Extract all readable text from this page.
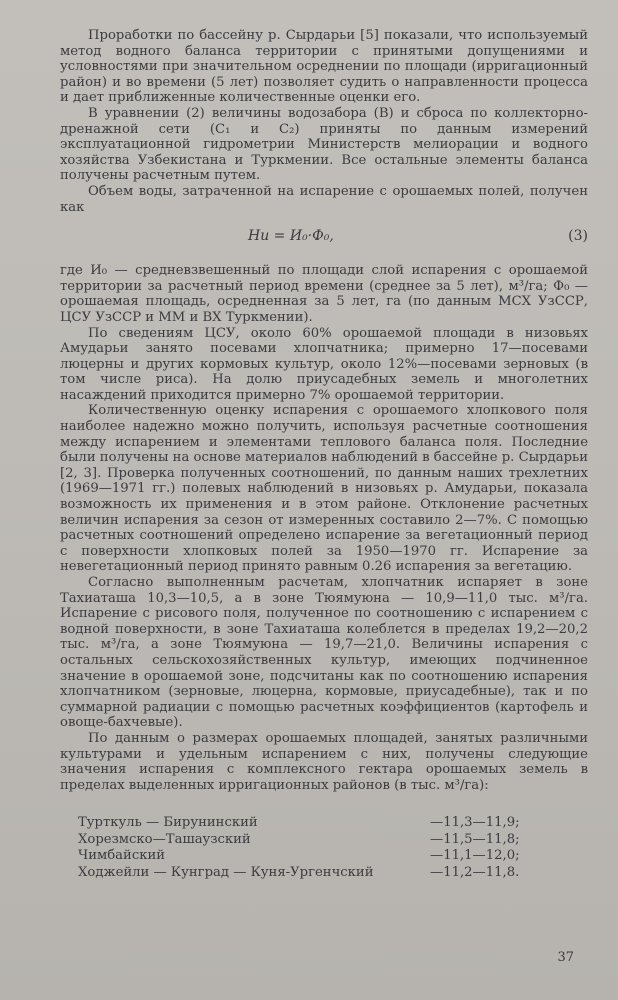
Проработки по бассейну р. Сырдарьи [5] показали, что используемый метод водного баланса территории с принятыми допущениями и условностями при значительном осреднении по площади (ирригационный район) и во времени (5 лет) позволяет судить о направленности процесса и дает приближенные количественные оценки его.

В уравнении (2) величины водозабора (B) и сброса по коллекторно-дренажной сети (C₁ и C₂) приняты по данным измерений эксплуатационной гидрометрии Министерств мелиорации и водного хозяйства Узбекистана и Туркмении. Все остальные элементы баланса получены расчетным путем.

Объем воды, затраченной на испарение с орошаемых полей, получен как

Hи = И₀·Ф₀,	(3)

где И₀ — средневзвешенный по площади слой испарения с орошаемой территории за расчетный период времени (среднее за 5 лет), м³/га; Ф₀ — орошаемая площадь, осредненная за 5 лет, га (по данным МСХ УзССР, ЦСУ УзССР и ММ и ВХ Туркмении).

По сведениям ЦСУ, около 60% орошаемой площади в низовьях Амударьи занято посевами хлопчатника; примерно 17—посевами люцерны и других кормовых культур, около 12%—посевами зерновых (в том числе риса). На долю приусадебных земель и многолетних насаждений приходится примерно 7% орошаемой территории.

Количественную оценку испарения с орошаемого хлопкового поля наиболее надежно можно получить, используя расчетные соотношения между испарением и элементами теплового баланса поля. Последние были получены на основе материалов наблюдений в бассейне р. Сырдарьи [2, 3]. Проверка полученных соотношений, по данным наших трехлетних (1969—1971 гг.) полевых наблюдений в низовьях р. Амударьи, показала возможность их применения и в этом районе. Отклонение расчетных величин испарения за сезон от измеренных составило 2—7%. С помощью расчетных соотношений определено испарение за вегетационный период с поверхности хлопковых полей за 1950—1970 гг. Испарение за невегетационный период принято равным 0.26 испарения за вегетацию.

Согласно выполненным расчетам, хлопчатник испаряет в зоне Тахиаташа 10,3—10,5, а в зоне Тюямуюна — 10,9—11,0 тыс. м³/га. Испарение с рисового поля, полученное по соотношению с испарением с водной поверхности, в зоне Тахиаташа колеблется в пределах 19,2—20,2 тыс. м³/га, а зоне Тюямуюна — 19,7—21,0. Величины испарения с остальных сельскохозяйственных культур, имеющих подчиненное значение в орошаемой зоне, подсчитаны как по соотношению испарения хлопчатником (зерновые, люцерна, кормовые, приусадебные), так и по суммарной радиации с помощью расчетных коэффициентов (картофель и овоще-бахчевые).

По данным о размерах орошаемых площадей, занятых различными культурами и удельным испарением с них, получены следующие значения испарения с комплексного гектара орошаемых земель в пределах выделенных ирригационных районов (в тыс. м³/га):

Турткуль — Бирунинский	—11,3—11,9;
Хорезмско—Ташаузский	—11,5—11,8;
Чимбайский	—11,1—12,0;
Ходжейли — Кунград — Куня-Ургенчский	—11,2—11,8.
37
